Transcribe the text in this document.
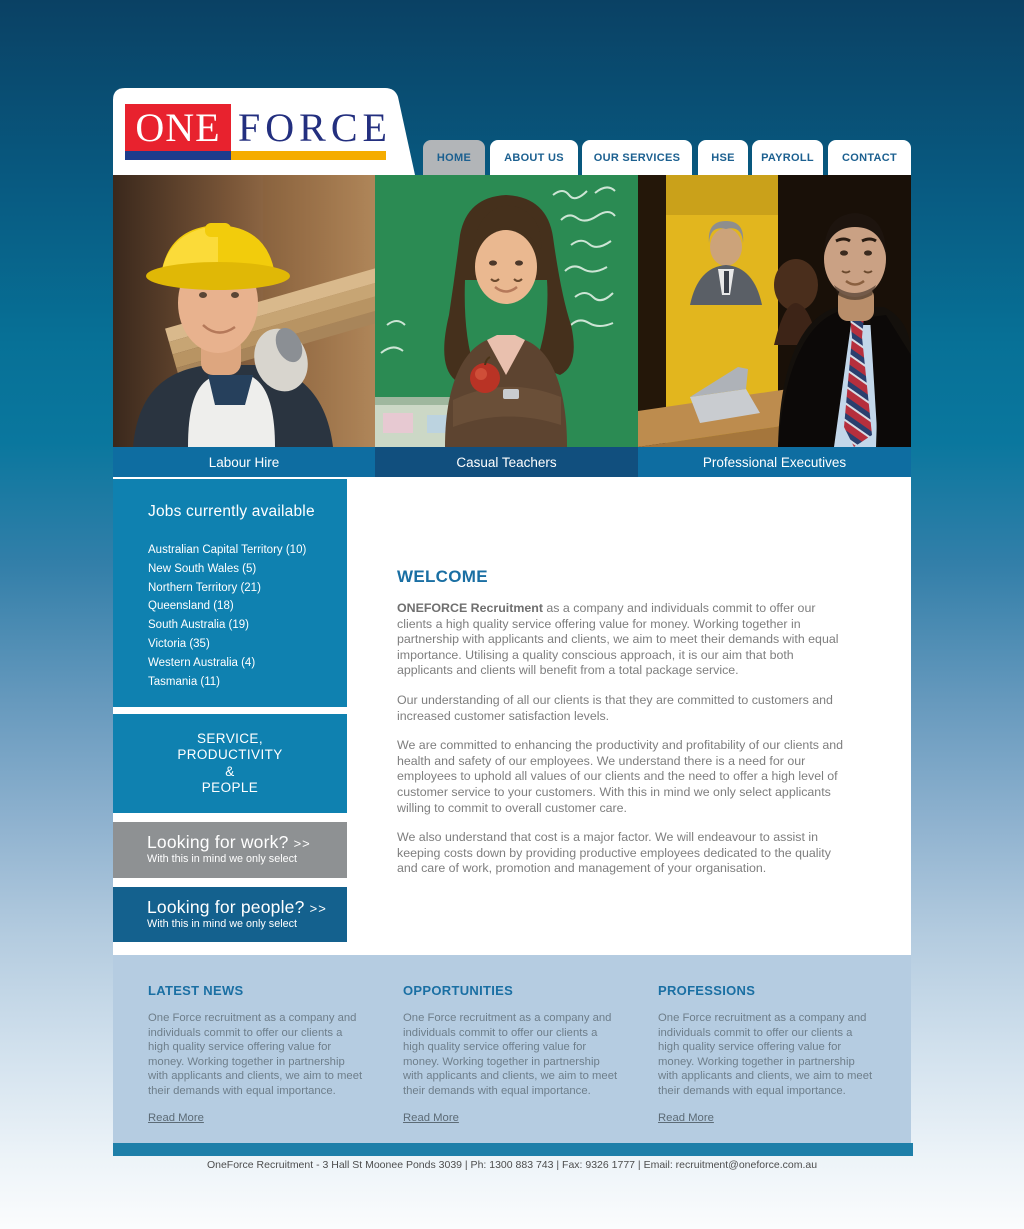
ONE FORCE
HOME	ABOUT US	OUR SERVICES	HSE	PAYROLL	CONTACT
Labour Hire	Casual Teachers	Professional Executives
Jobs currently available
Australian Capital Territory (10)
New South Wales (5)
Northern Territory (21)
Queensland (18)
South Australia (19)
Victoria (35)
Western Australia (4)
Tasmania (11)
SERVICE,
PRODUCTIVITY
&
PEOPLE
Looking for work? >>
With this in mind we only select
Looking for people? >>
With this in mind we only select
WELCOME

ONEFORCE Recruitment as a company and individuals commit to offer our clients a high quality service offering value for money. Working together in partnership with applicants and clients, we aim to meet their demands with equal importance. Utilising a quality conscious approach, it is our aim that both applicants and clients will benefit from a total package service.

Our understanding of all our clients is that they are committed to customers and increased customer satisfaction levels.

We are committed to enhancing the productivity and profitability of our clients and health and safety of our employees. We understand there is a need for our employees to uphold all values of our clients and the need to offer a high level of customer service to your customers. With this in mind we only select applicants willing to commit to overall customer care.

We also understand that cost is a major factor. We will endeavour to assist in keeping costs down by providing productive employees dedicated to the quality and care of work, promotion and management of your organisation.

LATEST NEWS

One Force recruitment as a company and individuals commit to offer our clients a high quality service offering value for money. Working together in partnership with applicants and clients, we aim to meet their demands with equal importance.

Read More
OPPORTUNITIES

One Force recruitment as a company and individuals commit to offer our clients a high quality service offering value for money. Working together in partnership with applicants and clients, we aim to meet their demands with equal importance.

Read More
PROFESSIONS

One Force recruitment as a company and individuals commit to offer our clients a high quality service offering value for money. Working together in partnership with applicants and clients, we aim to meet their demands with equal importance.

Read More
OneForce Recruitment - 3 Hall St Moonee Ponds 3039 | Ph: 1300 883 743 | Fax: 9326 1777 | Email: recruitment@oneforce.com.au
